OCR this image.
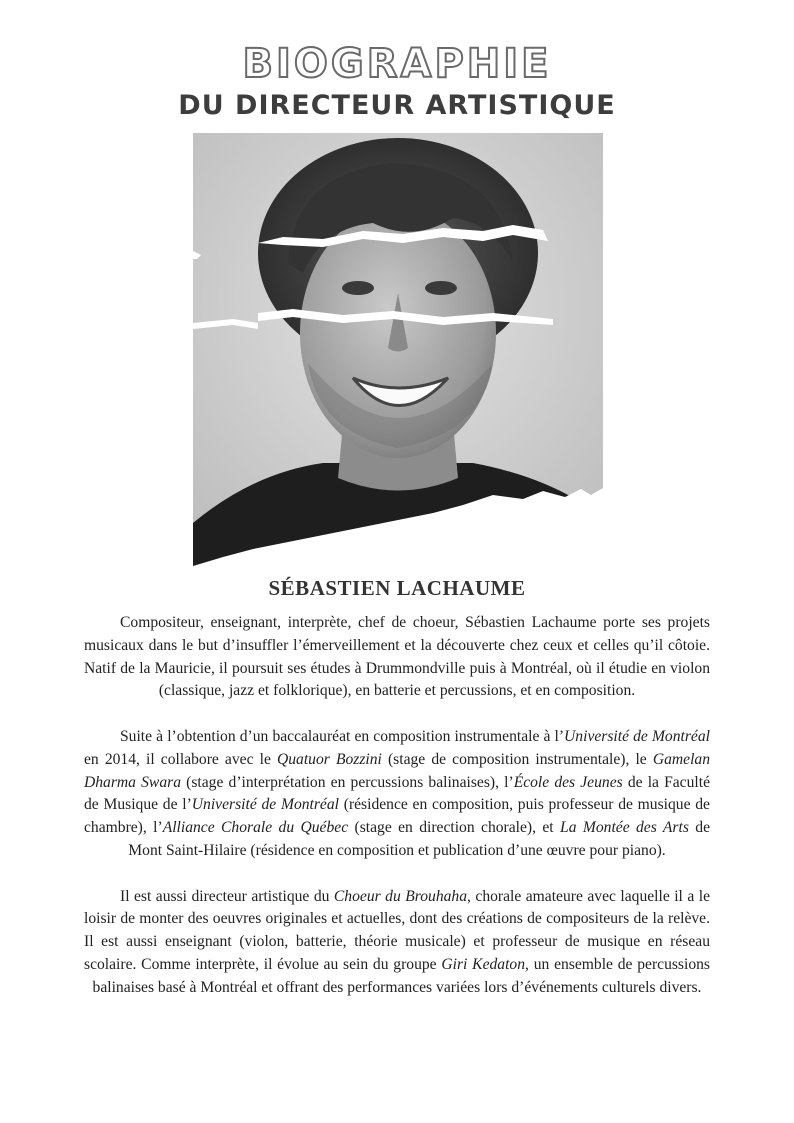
BIOGRAPHIE
DU DIRECTEUR ARTISTIQUE
SÉBASTIEN LACHAUME

Compositeur, enseignant, interprète, chef de choeur, Sébastien Lachaume porte ses projets musicaux dans le but d’insuffler l’émerveillement et la découverte chez ceux et celles qu’il côtoie. Natif de la Mauricie, il poursuit ses études à Drummondville puis à Montréal, où il étudie en violon (classique, jazz et folklorique), en batterie et percussions, et en composition.

Suite à l’obtention d’un baccalauréat en composition instrumentale à l’Université de Montréal en 2014, il collabore avec le Quatuor Bozzini (stage de composition instrumentale), le Gamelan Dharma Swara (stage d’interprétation en percussions balinaises), l’École des Jeunes de la Faculté de Musique de l’Université de Montréal (résidence en composition, puis professeur de musique de chambre), l’Alliance Chorale du Québec (stage en direction chorale), et La Montée des Arts de Mont Saint-Hilaire (résidence en composition et publication d’une œuvre pour piano).

Il est aussi directeur artistique du Choeur du Brouhaha, chorale amateure avec laquelle il a le loisir de monter des oeuvres originales et actuelles, dont des créations de compositeurs de la relève. Il est aussi enseignant (violon, batterie, théorie musicale) et professeur de musique en réseau scolaire. Comme interprète, il évolue au sein du groupe Giri Kedaton, un ensemble de percussions balinaises basé à Montréal et offrant des performances variées lors d’événements culturels divers.
